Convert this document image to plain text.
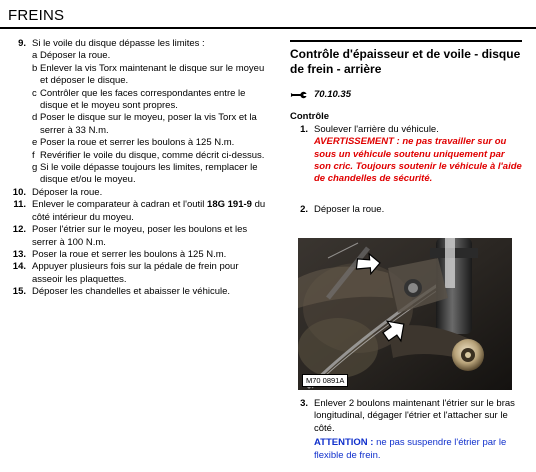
FREINS
9. Si le voile du disque dépasse les limites :
a Déposer la roue.
b Enlever la vis Torx maintenant le disque sur le moyeu et déposer le disque.
c Contrôler que les faces correspondantes entre le disque et le moyeu sont propres.
d Poser le disque sur le moyeu, poser la vis Torx et la serrer à 33 N.m.
e Poser la roue et serrer les boulons à 125 N.m.
f Revérifier le voile du disque, comme décrit ci-dessus.
g Si le voile dépasse toujours les limites, remplacer le disque et/ou le moyeu.
10. Déposer la roue.
11. Enlever le comparateur à cadran et l'outil 18G 191-9 du côté intérieur du moyeu.
12. Poser l'étrier sur le moyeu, poser les boulons et les serrer à 100 N.m.
13. Poser la roue et serrer les boulons à 125 N.m.
14. Appuyer plusieurs fois sur la pédale de frein pour asseoir les plaquettes.
15. Déposer les chandelles et abaisser le véhicule.
Contrôle d'épaisseur et de voile - disque de frein - arrière
70.10.35
Contrôle
1. Soulever l'arrière du véhicule.
AVERTISSEMENT : ne pas travailler sur ou sous un véhicule soutenu uniquement par son cric. Toujours soutenir le véhicule à l'aide de chandelles de sécurité.
2. Déposer la roue.
M70 0891A
3. Enlever 2 boulons maintenant l'étrier sur le bras longitudinal, dégager l'étrier et l'attacher sur le côté.
ATTENTION : ne pas suspendre l'étrier par le flexible de frein.
